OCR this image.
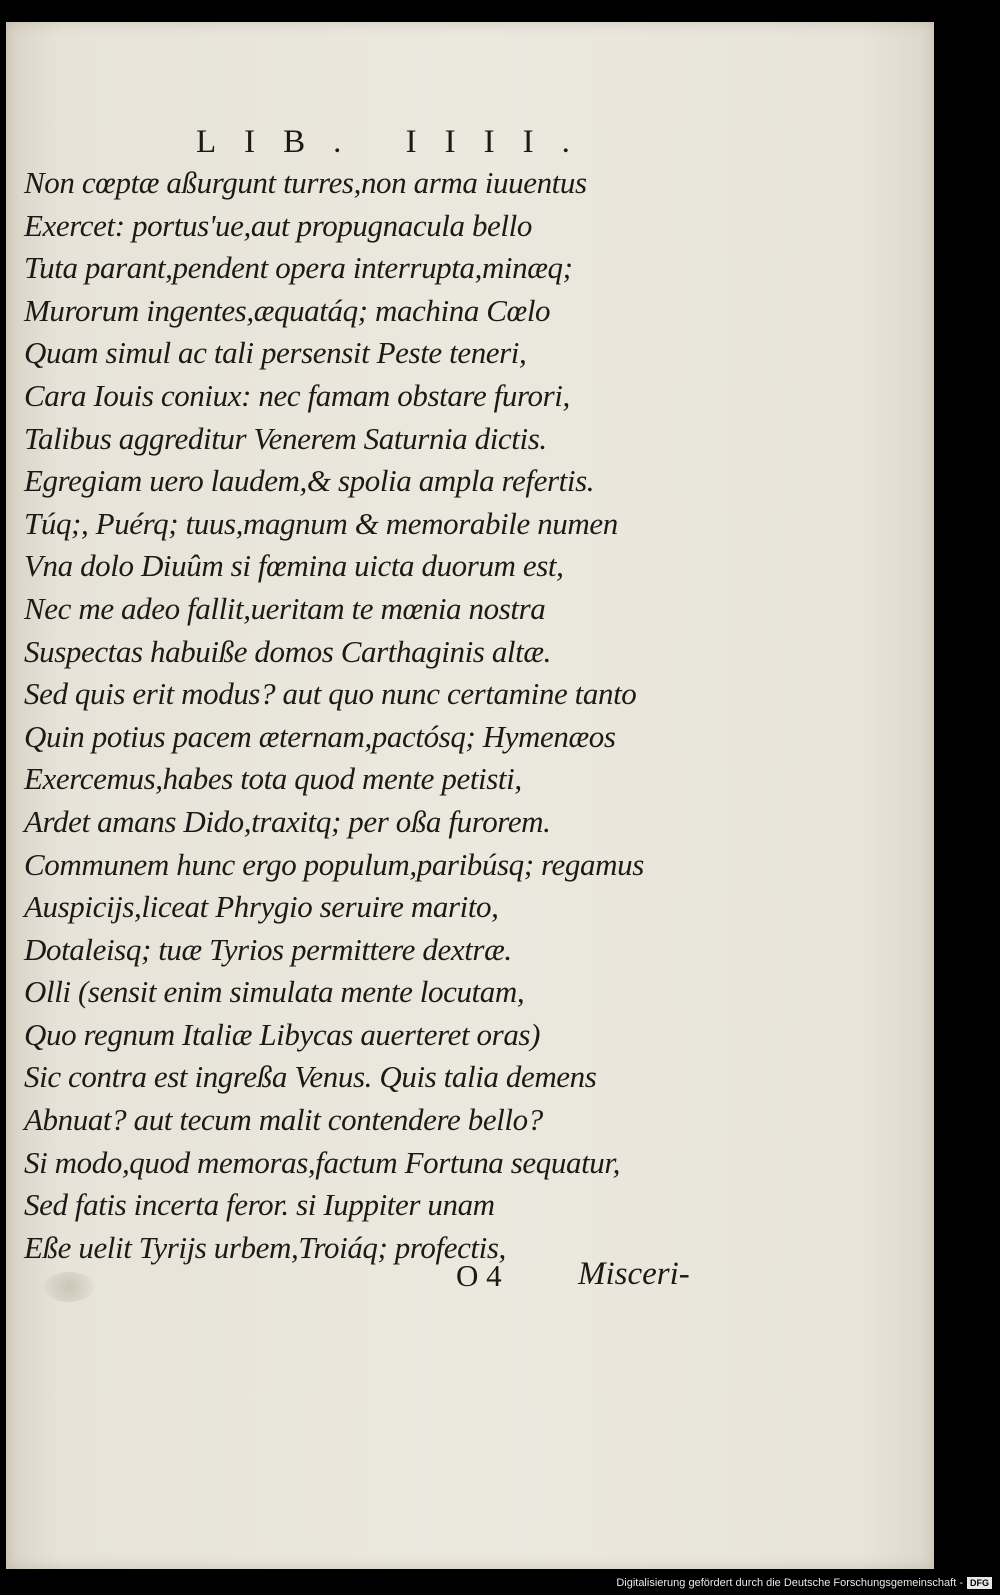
LIB. IIII.
Non cœptæ aßurgunt turres,non arma iuuentus
Exercet: portus'ue,aut propugnacula bello
Tuta parant,pendent opera interrupta,minæq;
Murorum ingentes,æquatáq; machina Cœlo
Quam simul ac tali persensit Peste teneri,
Cara Iouis coniux: nec famam obstare furori,
Talibus aggreditur Venerem Saturnia dictis.
Egregiam uero laudem,& spolia ampla refertis.
Túq;, Puérq; tuus,magnum & memorabile numen
Vna dolo Diuûm si fœmina uicta duorum est,
Nec me adeo fallit,ueritam te mœnia nostra
Suspectas habuiße domos Carthaginis altæ.
Sed quis erit modus? aut quo nunc certamine tanto
Quin potius pacem æternam,pactósq; Hymenæos
Exercemus,habes tota quod mente petisti,
Ardet amans Dido,traxitq; per oßa furorem.
Communem hunc ergo populum,paribúsq; regamus
Auspicijs,liceat Phrygio seruire marito,
Dotaleisq; tuæ Tyrios permittere dextræ.
Olli (sensit enim simulata mente locutam,
Quo regnum Italiæ Libycas auerteret oras)
Sic contra est ingreßa Venus. Quis talia demens
Abnuat? aut tecum malit contendere bello?
Si modo,quod memoras,factum Fortuna sequatur,
Sed fatis incerta feror. si Iuppiter unam
Eße uelit Tyrijs urbem,Troiáq; profectis,
O 4 Misceri-
Digitalisierung gefördert durch die Deutsche Forschungsgemeinschaft - DFG
